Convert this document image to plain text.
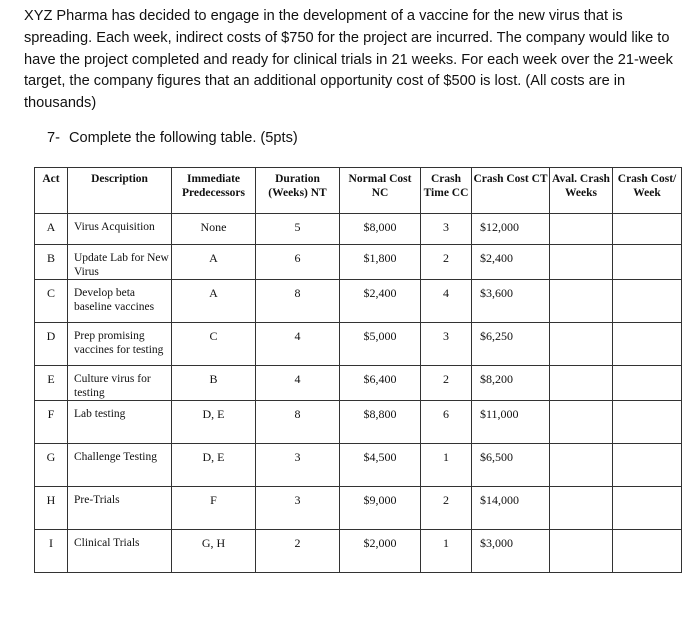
XYZ Pharma has decided to engage in the development of a vaccine for the new virus that is spreading. Each week, indirect costs of $750 for the project are incurred. The company would like to have the project completed and ready for clinical trials in 21 weeks. For each week over the 21-week target, the company figures that an additional opportunity cost of $500 is lost. (All costs are in thousands)

7- Complete the following table. (5pts)
Act	Description	Immediate Predecessors	Duration (Weeks) NT	Normal Cost NC	Crash Time CC	Crash Cost CT	Aval. Crash Weeks	Crash Cost/ Week
A	Virus Acquisition	None	5	$8,000	3	$12,000		
B	Update Lab for New Virus	A	6	$1,800	2	$2,400		
C	Develop beta baseline vaccines	A	8	$2,400	4	$3,600		
D	Prep promising vaccines for testing	C	4	$5,000	3	$6,250		
E	Culture virus for testing	B	4	$6,400	2	$8,200		
F	Lab testing	D, E	8	$8,800	6	$11,000		
G	Challenge Testing	D, E	3	$4,500	1	$6,500		
H	Pre-Trials	F	3	$9,000	2	$14,000		
I	Clinical Trials	G, H	2	$2,000	1	$3,000		
